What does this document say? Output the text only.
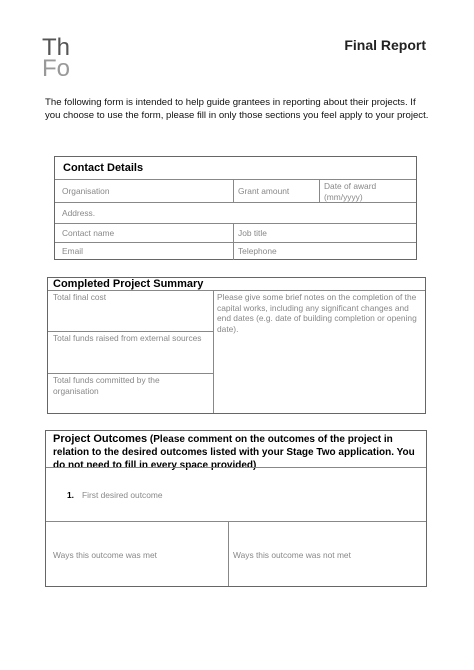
Th
Fo
Final Report
The following form is intended to help guide grantees in reporting about their projects. If you choose to use the form, please fill in only those sections you feel apply to your project.
Contact Details
Organisation	Grant amount	Date of award (mm/yyyy)
Address.
Contact name	Job title
Email	Telephone
Completed Project Summary
Total final cost	Please give some brief notes on the completion of the capital works, including any significant changes and end dates (e.g. date of building completion or opening date).
Total funds raised from external sources
Total funds committed by the organisation
Project Outcomes (Please comment on the outcomes of the project in relation to the desired outcomes listed with your Stage Two application. You do not need to fill in every space provided)
1. First desired outcome
Ways this outcome was met	Ways this outcome was not met
